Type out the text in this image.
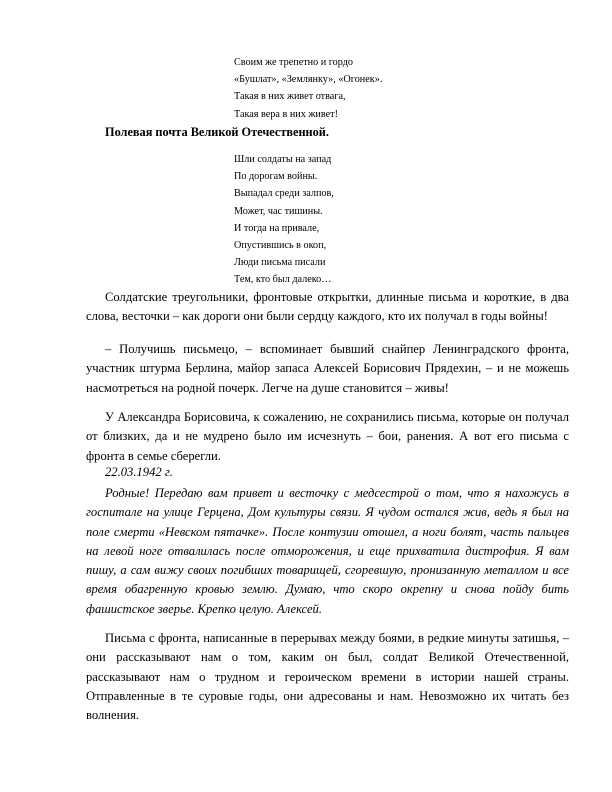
Своим же трепетно и гордо
«Бушлат», «Землянку», «Огонек».
Такая в них живет отвага,
Такая вера в них живет!
Полевая почта Великой Отечественной.
Шли солдаты на запад
По дорогам войны.
Выпадал среди залпов,
Может, час тишины.
И тогда на привале,
Опустившись в окоп,
Люди письма писали
Тем, кто был далеко…

Солдатские треугольники, фронтовые открытки, длинные письма и короткие, в два слова, весточки – как дороги они были сердцу каждого, кто их получал в годы войны!

– Получишь письмецо, – вспоминает бывший снайпер Ленинградского фронта, участник штурма Берлина, майор запаса Алексей Борисович Прядехин, – и не можешь насмотреться на родной почерк. Легче на душе становится – живы!

У Александра Борисовича, к сожалению, не сохранились письма, которые он получал от близких, да и не мудрено было им исчезнуть – бои, ранения. А вот его письма с фронта в семье сберегли.

22.03.1942 г.

Родные! Передаю вам привет и весточку с медсестрой о том, что я нахожусь в госпитале на улице Герцена, Дом культуры связи. Я чудом остался жив, ведь я был на поле смерти «Невском пятачке». После контузии отошел, а ноги болят, часть пальцев на левой ноге отвалилась после отморожения, и еще прихватила дистрофия. Я вам пишу, а сам вижу своих погибших товарищей, сгоревшую, пронизанную металлом и все время обагренную кровью землю. Думаю, что скоро окрепну и снова пойду бить фашистское зверье. Крепко целую. Алексей.

Письма с фронта, написанные в перерывах между боями, в редкие минуты затишья, – они рассказывают нам о том, каким он был, солдат Великой Отечественной, рассказывают нам о трудном и героическом времени в истории нашей страны. Отправленные в те суровые годы, они адресованы и нам. Невозможно их читать без волнения.
